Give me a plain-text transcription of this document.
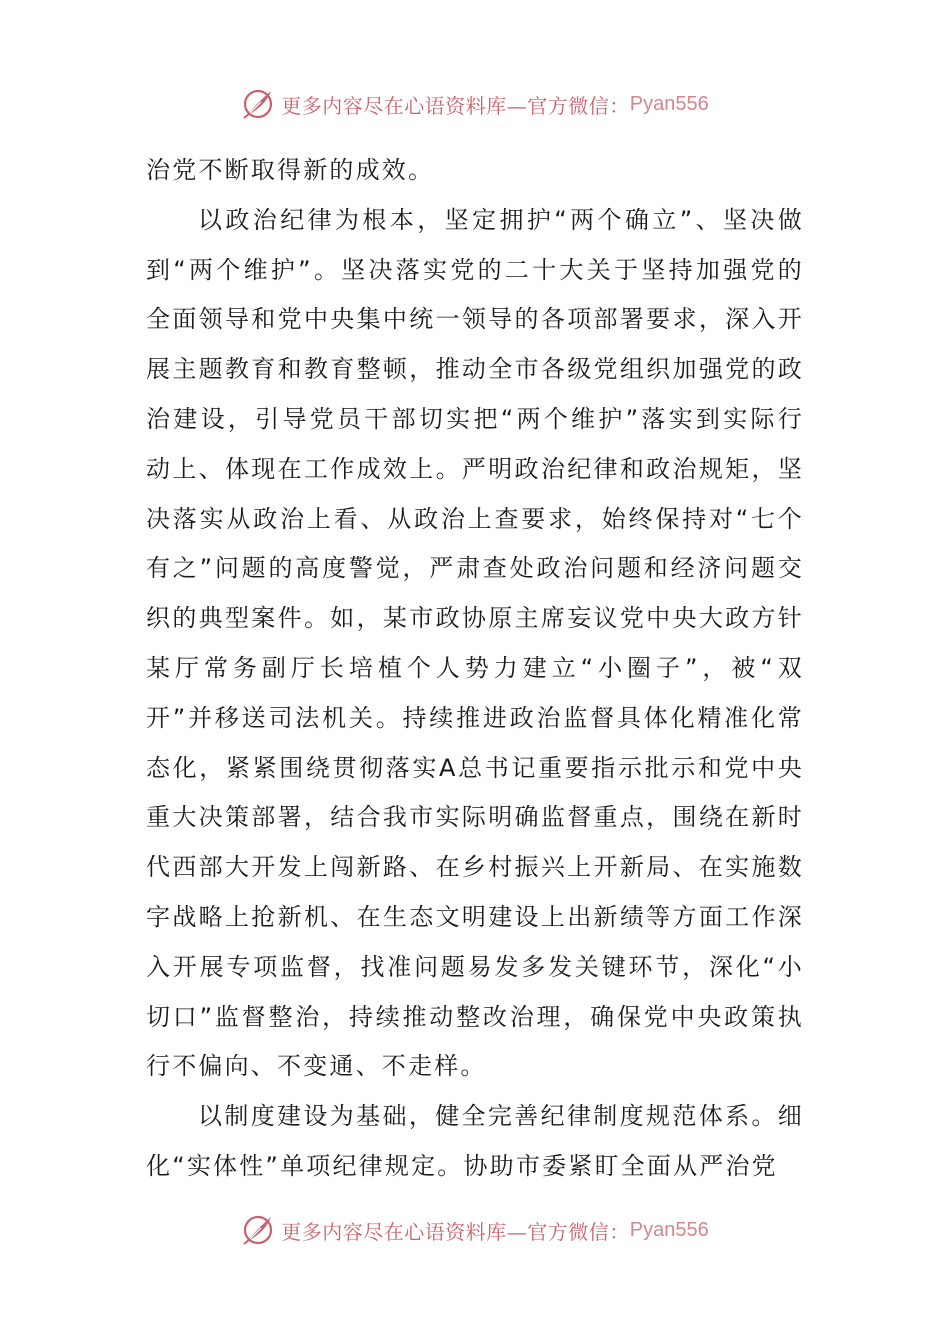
更多内容尽在心语资料库—官方微信： Pyan556

治党不断取得新的成效。

以政治纪律为根本，坚定拥护“两个确立”、坚决做到“两个维护”。坚决落实党的二十大关于坚持加强党的全面领导和党中央集中统一领导的各项部署要求，深入开展主题教育和教育整顿，推动全市各级党组织加强党的政治建设，引导党员干部切实把“两个维护”落实到实际行动上、体现在工作成效上。严明政治纪律和政治规矩，坚决落实从政治上看、从政治上查要求，始终保持对“七个有之”问题的高度警觉，严肃查处政治问题和经济问题交织的典型案件。如，某市政协原主席妄议党中央大政方针某厅常务副厅长培植个人势力建立“小圈子”，被“双开”并移送司法机关。持续推进政治监督具体化精准化常态化，紧紧围绕贯彻落实A总书记重要指示批示和党中央重大决策部署，结合我市实际明确监督重点，围绕在新时代西部大开发上闯新路、在乡村振兴上开新局、在实施数字战略上抢新机、在生态文明建设上出新绩等方面工作深入开展专项监督，找准问题易发多发关键环节，深化“小切口”监督整治，持续推动整改治理，确保党中央政策执行不偏向、不变通、不走样。

以制度建设为基础，健全完善纪律制度规范体系。细化“实体性”单项纪律规定。协助市委紧盯全面从严治党

更多内容尽在心语资料库—官方微信： Pyan556
